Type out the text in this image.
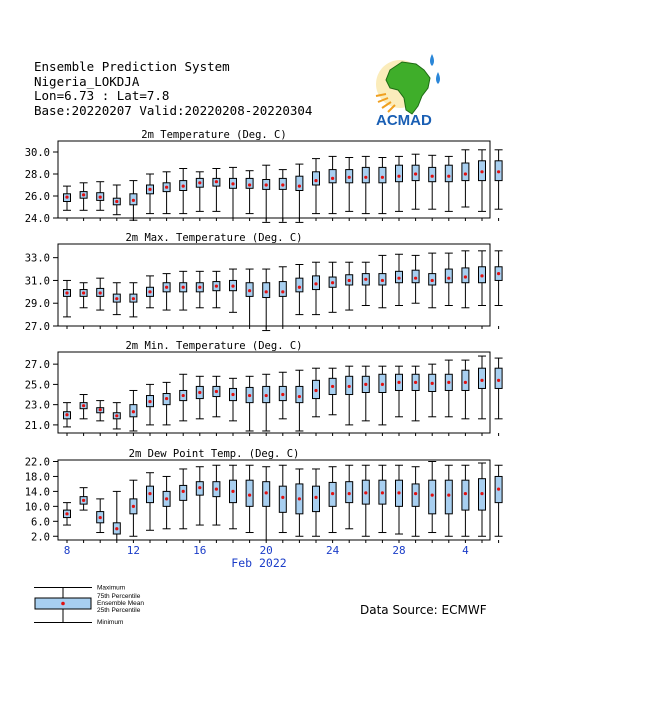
Ensemble Prediction System
Nigeria_LOKDJA
Lon=6.73 : Lat=7.8
Base:20220207 Valid:20220208-20220304
ACMAD
2m Temperature (Deg. C)
30.0
28.0
26.0
24.0
2m Max. Temperature (Deg. C)
33.0
31.0
29.0
27.0
2m Min. Temperature (Deg. C)
27.0
25.0
23.0
21.0
2m Dew Point Temp. (Deg. C)
22.0
18.0
14.0
10.0
6.0
2.0
8	12	16	20	24	28	4
Feb 2022
Maximum
75th Percentile
Ensemble Mean
25th Percentile
Minimum
Data Source: ECMWF
